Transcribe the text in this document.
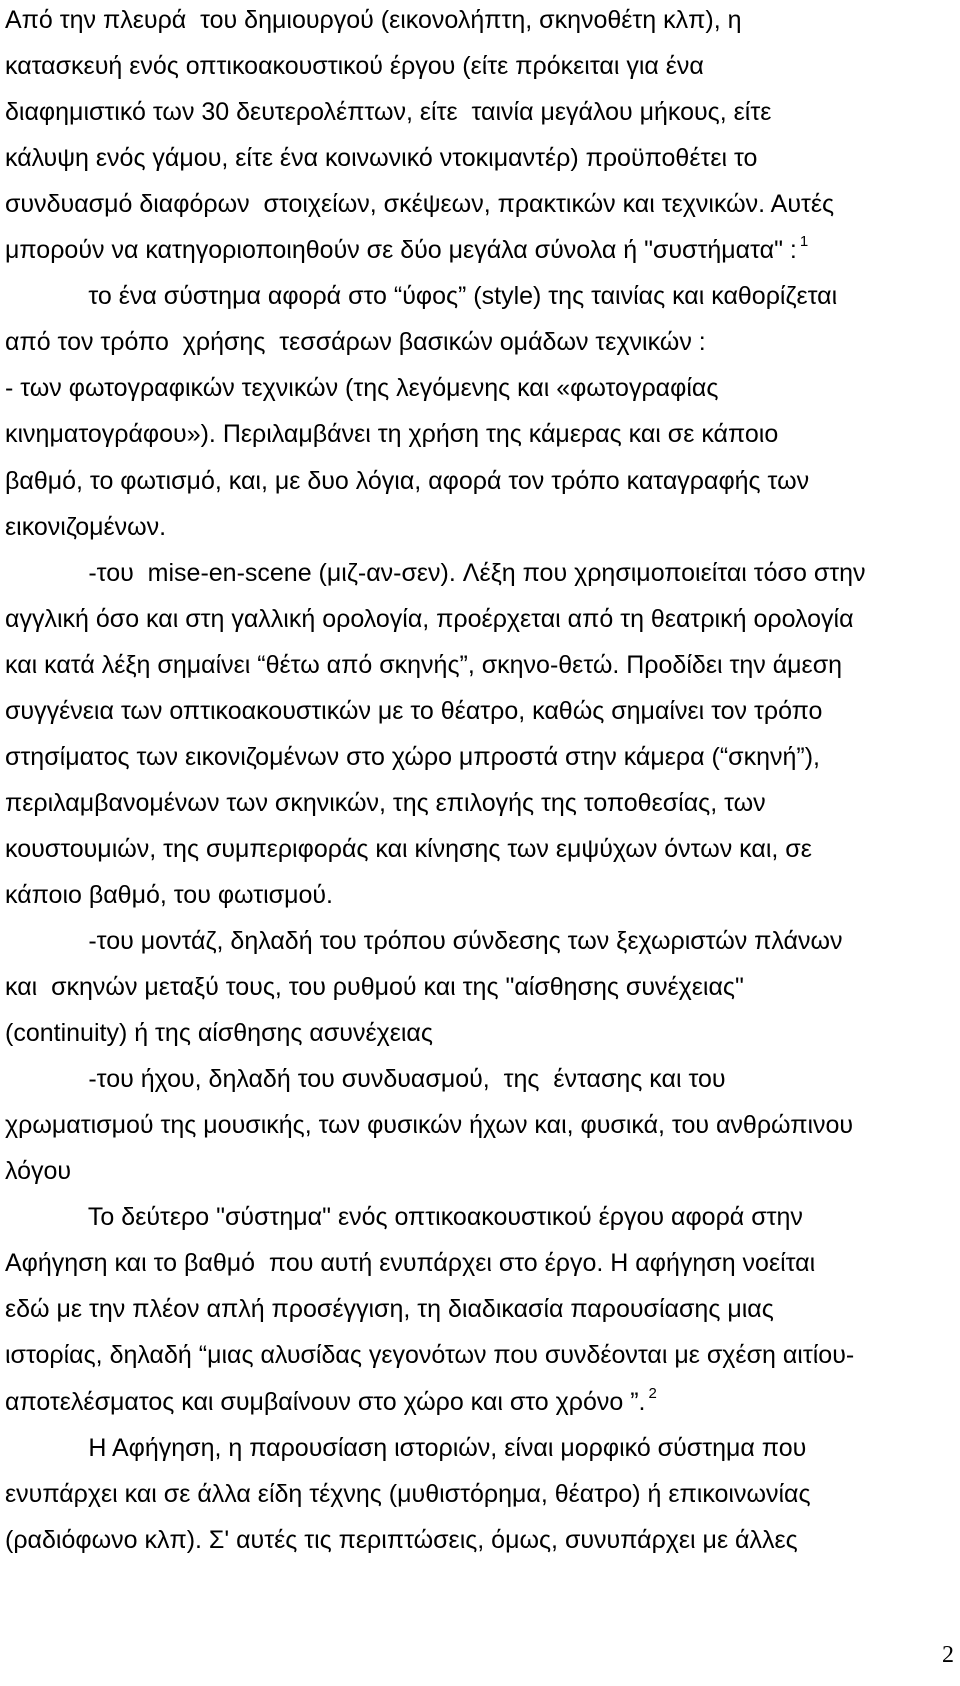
Από την πλευρά  του δημιουργού (εικονολήπτη, σκηνοθέτη κλπ), η
κατασκευή ενός οπτικοακουστικού έργου (είτε πρόκειται για ένα
διαφημιστικό των 30 δευτερολέπτων, είτε  ταινία μεγάλου μήκους, είτε
κάλυψη ενός γάμου, είτε ένα κοινωνικό ντοκιμαντέρ) προϋποθέτει το
συνδυασμό διαφόρων  στοιχείων, σκέψεων, πρακτικών και τεχνικών. Αυτές
μπορούν να κατηγοριοποιηθούν σε δύο μεγάλα σύνολα ή "συστήματα" : $^1$
το ένα σύστημα αφορά στο “ύφος” (style) της ταινίας και καθορίζεται
από τον τρόπο  χρήσης  τεσσάρων βασικών ομάδων τεχνικών :
- των φωτογραφικών τεχνικών (της λεγόμενης και «φωτογραφίας
κινηματογράφου»). Περιλαμβάνει τη χρήση της κάμερας και σε κάποιο
βαθμό, το φωτισμό, και, με δυο λόγια, αφορά τον τρόπο καταγραφής των
εικονιζομένων.
-του  mise-en-scene (μιζ-αν-σεν). Λέξη που χρησιμοποιείται τόσο στην
αγγλική όσο και στη γαλλική ορολογία, προέρχεται από τη θεατρική ορολογία
και κατά λέξη σημαίνει “θέτω από σκηνής”, σκηνο-θετώ. Προδίδει την άμεση
συγγένεια των οπτικοακουστικών με το θέατρο, καθώς σημαίνει τον τρόπο
στησίματος των εικονιζομένων στο χώρο μπροστά στην κάμερα (“σκηνή”),
περιλαμβανομένων των σκηνικών, της επιλογής της τοποθεσίας, των
κουστουμιών, της συμπεριφοράς και κίνησης των εμψύχων όντων και, σε
κάποιο βαθμό, του φωτισμού.
-του μοντάζ, δηλαδή του τρόπου σύνδεσης των ξεχωριστών πλάνων
και  σκηνών μεταξύ τους, του ρυθμού και της "αίσθησης συνέχειας"
(continuity) ή της αίσθησης ασυνέχειας
-του ήχου, δηλαδή του συνδυασμού,  της  έντασης και του
χρωματισμού της μουσικής, των φυσικών ήχων και, φυσικά, του ανθρώπινου
λόγου
Το δεύτερο "σύστημα" ενός οπτικοακουστικού έργου αφορά στην
Αφήγηση και το βαθμό  που αυτή ενυπάρχει στο έργο. Η αφήγηση νοείται
εδώ με την πλέον απλή προσέγγιση, τη διαδικασία παρουσίασης μιας
ιστορίας, δηλαδή “μιας αλυσίδας γεγονότων που συνδέονται με σχέση αιτίου-
αποτελέσματος και συμβαίνουν στο χώρο και στο χρόνο ”. $^2$
Η Αφήγηση, η παρουσίαση ιστοριών, είναι μορφικό σύστημα που
ενυπάρχει και σε άλλα είδη τέχνης (μυθιστόρημα, θέατρο) ή επικοινωνίας
(ραδιόφωνο κλπ). Σ' αυτές τις περιπτώσεις, όμως, συνυπάρχει με άλλες
2
